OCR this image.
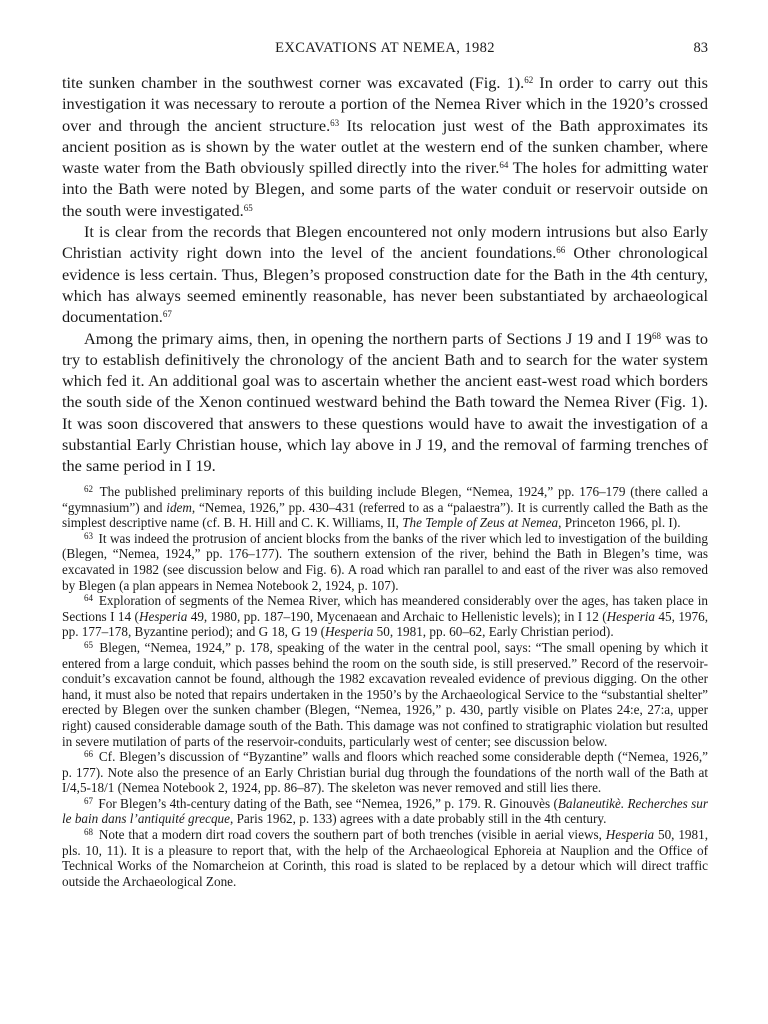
EXCAVATIONS AT NEMEA, 1982	83

tite sunken chamber in the southwest corner was excavated (Fig. 1).$^{62}$ In order to carry out this investigation it was necessary to reroute a portion of the Nemea River which in the 1920’s crossed over and through the ancient structure.$^{63}$ Its relocation just west of the Bath approximates its ancient position as is shown by the water outlet at the western end of the sunken chamber, where waste water from the Bath obviously spilled directly into the river.$^{64}$ The holes for admitting water into the Bath were noted by Blegen, and some parts of the water conduit or reservoir outside on the south were investigated.$^{65}$

It is clear from the records that Blegen encountered not only modern intrusions but also Early Christian activity right down into the level of the ancient foundations.$^{66}$ Other chronological evidence is less certain. Thus, Blegen’s proposed construction date for the Bath in the 4th century, which has always seemed eminently reasonable, has never been substantiated by archaeological documentation.$^{67}$

Among the primary aims, then, in opening the northern parts of Sections J 19 and I $19^{68}$ was to try to establish definitively the chronology of the ancient Bath and to search for the water system which fed it. An additional goal was to ascertain whether the ancient east-west road which borders the south side of the Xenon continued westward behind the Bath toward the Nemea River (Fig. 1). It was soon discovered that answers to these questions would have to await the investigation of a substantial Early Christian house, which lay above in J 19, and the removal of farming trenches of the same period in I 19.

$^{62}$ The published preliminary reports of this building include Blegen, “Nemea, 1924,” pp. 176–179 (there called a “gymnasium”) and idem, “Nemea, 1926,” pp. 430–431 (referred to as a “palaestra”). It is currently called the Bath as the simplest descriptive name (cf. B. H. Hill and C. K. Williams, II, The Temple of Zeus at Nemea, Princeton 1966, pl. I).

$^{63}$ It was indeed the protrusion of ancient blocks from the banks of the river which led to investigation of the building (Blegen, “Nemea, 1924,” pp. 176–177). The southern extension of the river, behind the Bath in Blegen’s time, was excavated in 1982 (see discussion below and Fig. 6). A road which ran parallel to and east of the river was also removed by Blegen (a plan appears in Nemea Notebook 2, 1924, p. 107).

$^{64}$ Exploration of segments of the Nemea River, which has meandered considerably over the ages, has taken place in Sections I 14 (Hesperia 49, 1980, pp. 187–190, Mycenaean and Archaic to Hellenistic levels); in I 12 (Hesperia 45, 1976, pp. 177–178, Byzantine period); and G 18, G 19 (Hesperia 50, 1981, pp. 60–62, Early Christian period).

$^{65}$ Blegen, “Nemea, 1924,” p. 178, speaking of the water in the central pool, says: “The small opening by which it entered from a large conduit, which passes behind the room on the south side, is still preserved.” Record of the reservoir-conduit’s excavation cannot be found, although the 1982 excavation revealed evidence of previous digging. On the other hand, it must also be noted that repairs undertaken in the 1950’s by the Archaeological Service to the “substantial shelter” erected by Blegen over the sunken chamber (Blegen, “Nemea, 1926,” p. 430, partly visible on Plates 24:e, 27:a, upper right) caused considerable damage south of the Bath. This damage was not confined to stratigraphic violation but resulted in severe mutilation of parts of the reservoir-conduits, particularly west of center; see discussion below.

$^{66}$ Cf. Blegen’s discussion of “Byzantine” walls and floors which reached some considerable depth (“Nemea, 1926,” p. 177). Note also the presence of an Early Christian burial dug through the foundations of the north wall of the Bath at I/4,5-18/1 (Nemea Notebook 2, 1924, pp. 86–87). The skeleton was never removed and still lies there.

$^{67}$ For Blegen’s 4th-century dating of the Bath, see “Nemea, 1926,” p. 179. R. Ginouvès (Balaneutikè. Recherches sur le bain dans l’antiquité grecque, Paris 1962, p. 133) agrees with a date probably still in the 4th century.

$^{68}$ Note that a modern dirt road covers the southern part of both trenches (visible in aerial views, Hesperia 50, 1981, pls. 10, 11). It is a pleasure to report that, with the help of the Archaeological Ephoreia at Nauplion and the Office of Technical Works of the Nomarcheion at Corinth, this road is slated to be replaced by a detour which will direct traffic outside the Archaeological Zone.
